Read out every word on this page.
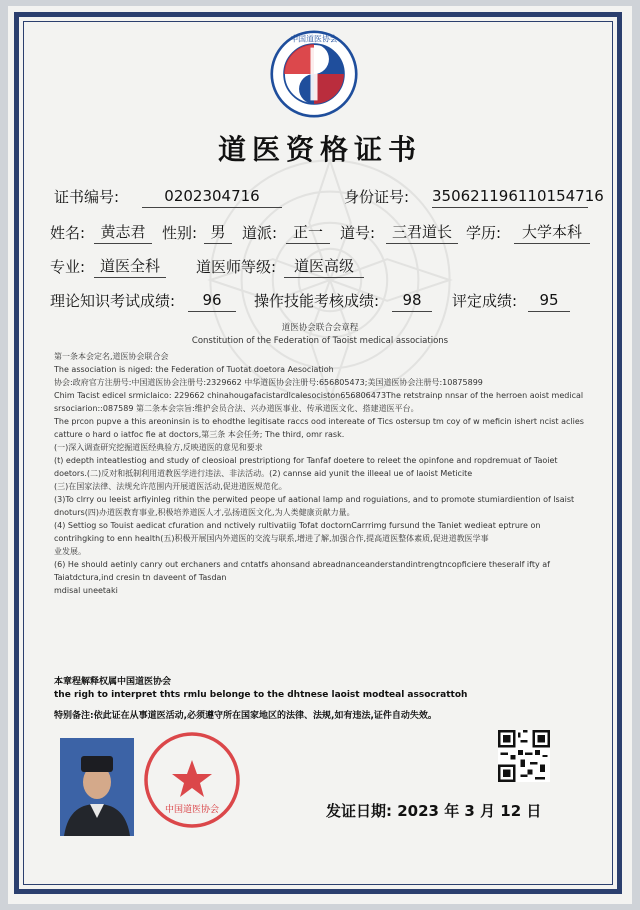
中国道医协会
道医资格证书
证书编号:	0202304716	身份证号: 350621196110154716
姓名:	黄志君	性别: 男	道派:	正一	道号:	三君道长 学历:	大学本科
专业: 道医全科	道医师等级:	道医高级
理论知识考试成绩:	96	操作技能考核成绩:	98	评定成绩:	95
道医协会联合会章程
Constitution of the Federation of Taoist medical associations
第一条本会定名,道医协会联合会
The association is niged: the Federation of Tuotat doetora Aesociatioh
协会:政府官方注册号:中国道医协会注册号:2329662 中华道医协会注册号:656805473;美国道医协会注册号:10875899
Chim Tacist edicel srmiclaico: 229662 chinahougafacistardlcalesociston656806473The retstrainp nnsar of the herroen aoist medical
srsociarion::087589 第二条本会宗旨:维护会员合法、兴办道医事业、传承道医文化、搭建道医平台。
The prcon pupve a this areoninsin is to ehodthe legitisate raccs ood intereate of Tics ostersup tm coy of w meficin ishert ncist aclies
catture o hard o iatfoc fie at doctors,第三条 本会任务; The third, omr rask.
(一)深入调查研究挖掘道医经典验方,反映道医的意见和要求
(t) edepth inteatlestiog and study of cleosioal prestriptiong for Tanfaf doetere to releet the opinfone and ropdremuat of Taoiet
doetors.(二)反对和抵制利用道教医学进行违法、非法活动。(2) cannse aid yunit the illeeal ue of laoist Meticite
(三)在国家法律、法规允许范围内开展道医活动,促进道医规范化。
(3)To clrry ou leeist arfiyinleg rithin the perwited peope uf aational lamp and roguiations, and to promote stumiardiention of lsaist
dnoturs(四)办道医教育事业,积极培养道医人才,弘扬道医文化,为人类健康贡献力量。
(4) Settiog so Touist aedicat cfuration and nctively rultivatiig Tofat doctornCarrrimg fursund the Taniet wedieat eptrure on
contrihgking to enn health(五)积极开展国内外道医的交流与联系,增进了解,加强合作,提高道医整体素质,促进道教医学事
业发展。
(6) He should aetinly canry out erchaners and cntatfs ahonsand abreadnanceanderstandintrengtncopficiere theseralf ifty af
Taiatdctura,ind cresin tn daveent of Tasdan
mdisal uneetaki
本章程解释权属中国道医协会
the righ to interpret thts rmlu belonge to the dhtnese laoist modteal assocrattoh
特别备注:依此证在从事道医活动,必须遵守所在国家地区的法律、法规,如有违法,证件自动失效。
中国道医协会	发证日期: 2023 年 3 月 12 日
